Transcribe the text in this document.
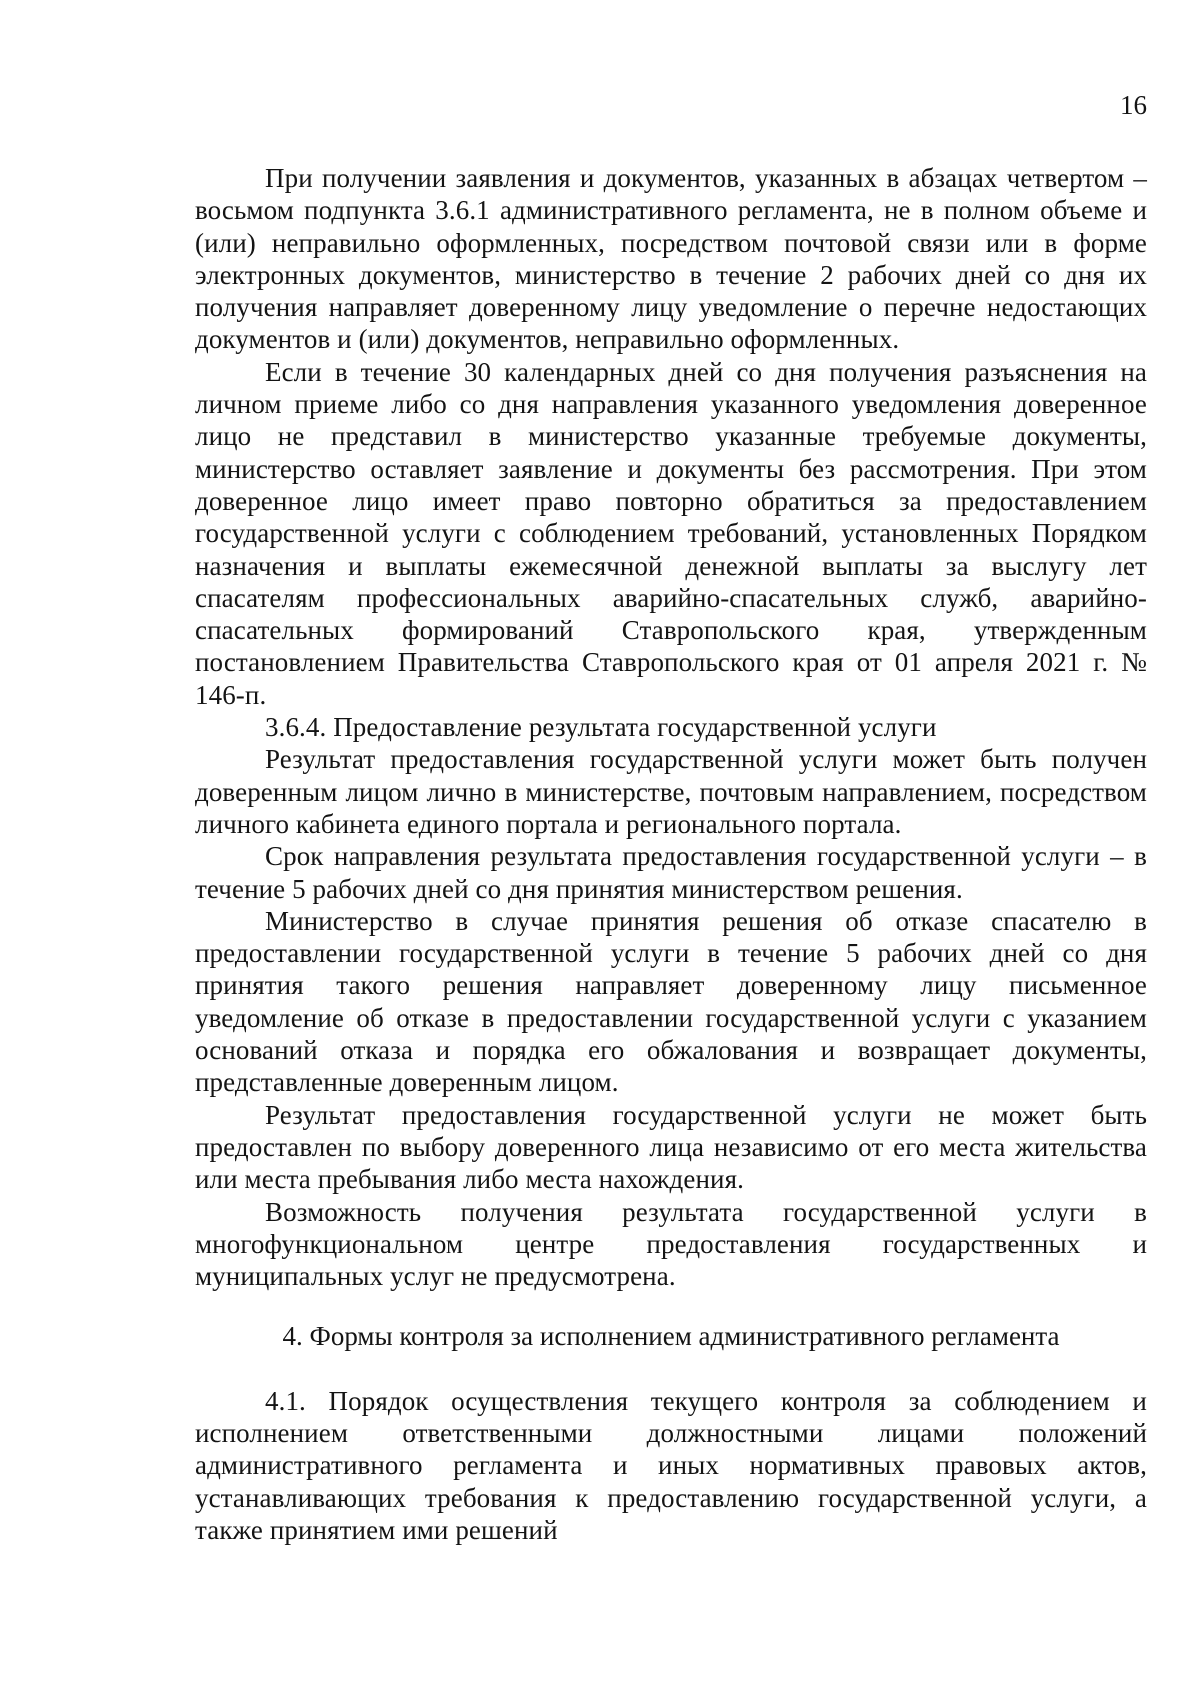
16

При получении заявления и документов, указанных в абзацах четвертом – восьмом подпункта 3.6.1 административного регламента, не в полном объеме и (или) неправильно оформленных, посредством почтовой связи или в форме электронных документов, министерство в течение 2 рабочих дней со дня их получения направляет доверенному лицу уведомление о перечне недостающих документов и (или) документов, неправильно оформленных.

Если в течение 30 календарных дней со дня получения разъяснения на личном приеме либо со дня направления указанного уведомления доверенное лицо не представил в министерство указанные требуемые документы, министерство оставляет заявление и документы без рассмотрения. При этом доверенное лицо имеет право повторно обратиться за предоставлением государственной услуги с соблюдением требований, установленных Порядком назначения и выплаты ежемесячной денежной выплаты за выслугу лет спасателям профессиональных аварийно-спасательных служб, аварийно-спасательных формирований Ставропольского края, утвержденным постановлением Правительства Ставропольского края от 01 апреля 2021 г. № 146-п.

3.6.4. Предоставление результата государственной услуги

Результат предоставления государственной услуги может быть получен доверенным лицом лично в министерстве, почтовым направлением, посредством личного кабинета единого портала и регионального портала.

Срок направления результата предоставления государственной услуги – в течение 5 рабочих дней со дня принятия министерством решения.

Министерство в случае принятия решения об отказе спасателю в предоставлении государственной услуги в течение 5 рабочих дней со дня принятия такого решения направляет доверенному лицу письменное уведомление об отказе в предоставлении государственной услуги с указанием оснований отказа и порядка его обжалования и возвращает документы, представленные доверенным лицом.

Результат предоставления государственной услуги не может быть предоставлен по выбору доверенного лица независимо от его места жительства или места пребывания либо места нахождения.

Возможность получения результата государственной услуги в многофункциональном центре предоставления государственных и муниципальных услуг не предусмотрена.

4. Формы контроля за исполнением административного регламента

4.1. Порядок осуществления текущего контроля за соблюдением и исполнением ответственными должностными лицами положений административного регламента и иных нормативных правовых актов, устанавливающих требования к предоставлению государственной услуги, а также принятием ими решений
